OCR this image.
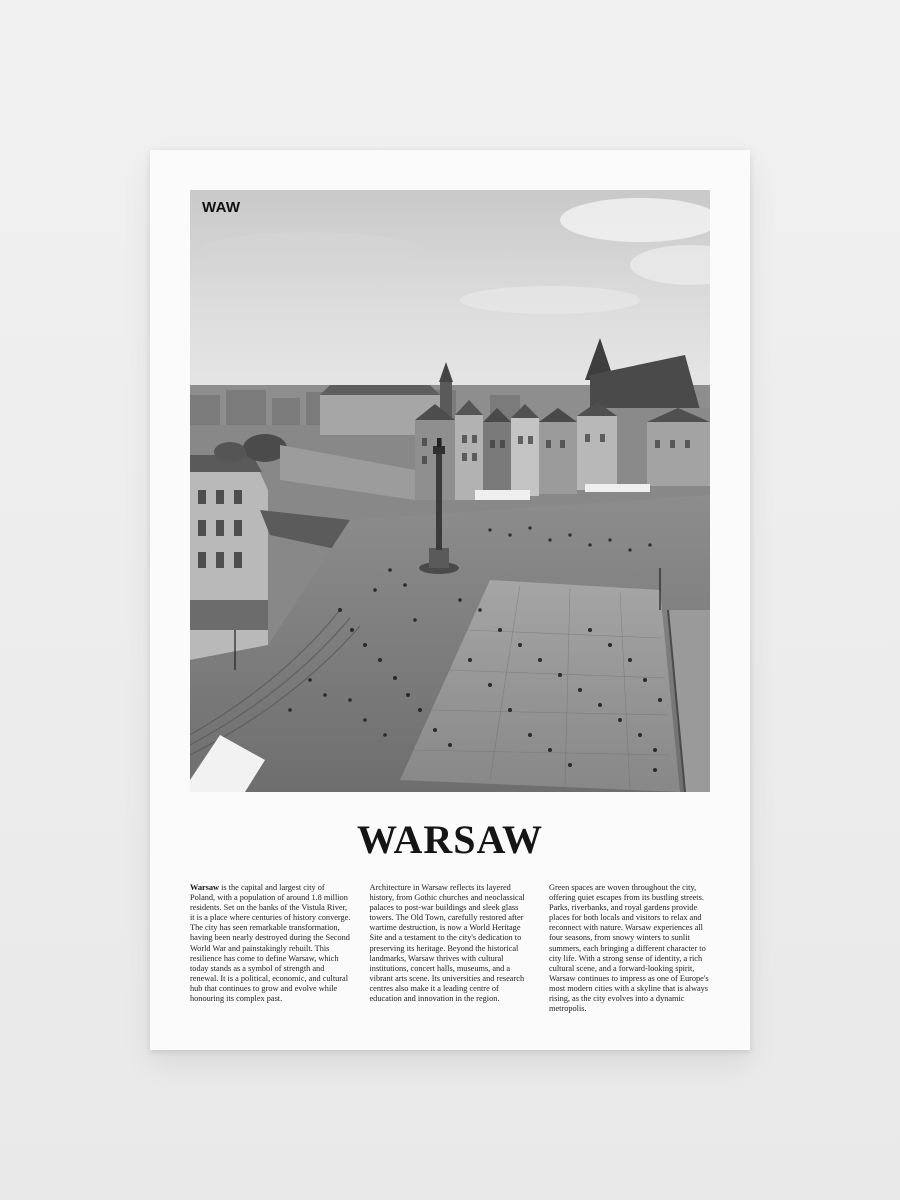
WAW
WARSAW

Warsaw is the capital and largest city of Poland, with a population of around 1.8 million residents. Set on the banks of the Vistula River, it is a place where centuries of history converge. The city has seen remarkable transformation, having been nearly destroyed during the Second World War and painstakingly rebuilt. This resilience has come to define Warsaw, which today stands as a symbol of strength and renewal. It is a political, economic, and cultural hub that continues to grow and evolve while honouring its complex past.

Architecture in Warsaw reflects its layered history, from Gothic churches and neoclassical palaces to post-war buildings and sleek glass towers. The Old Town, carefully restored after wartime destruction, is now a World Heritage Site and a testament to the city's dedication to preserving its heritage. Beyond the historical landmarks, Warsaw thrives with cultural institutions, concert halls, museums, and a vibrant arts scene. Its universities and research centres also make it a leading centre of education and innovation in the region.

Green spaces are woven throughout the city, offering quiet escapes from its bustling streets. Parks, riverbanks, and royal gardens provide places for both locals and visitors to relax and reconnect with nature. Warsaw experiences all four seasons, from snowy winters to sunlit summers, each bringing a different character to city life. With a strong sense of identity, a rich cultural scene, and a forward-looking spirit, Warsaw continues to impress as one of Europe's most modern cities with a skyline that is always rising, as the city evolves into a dynamic metropolis.
